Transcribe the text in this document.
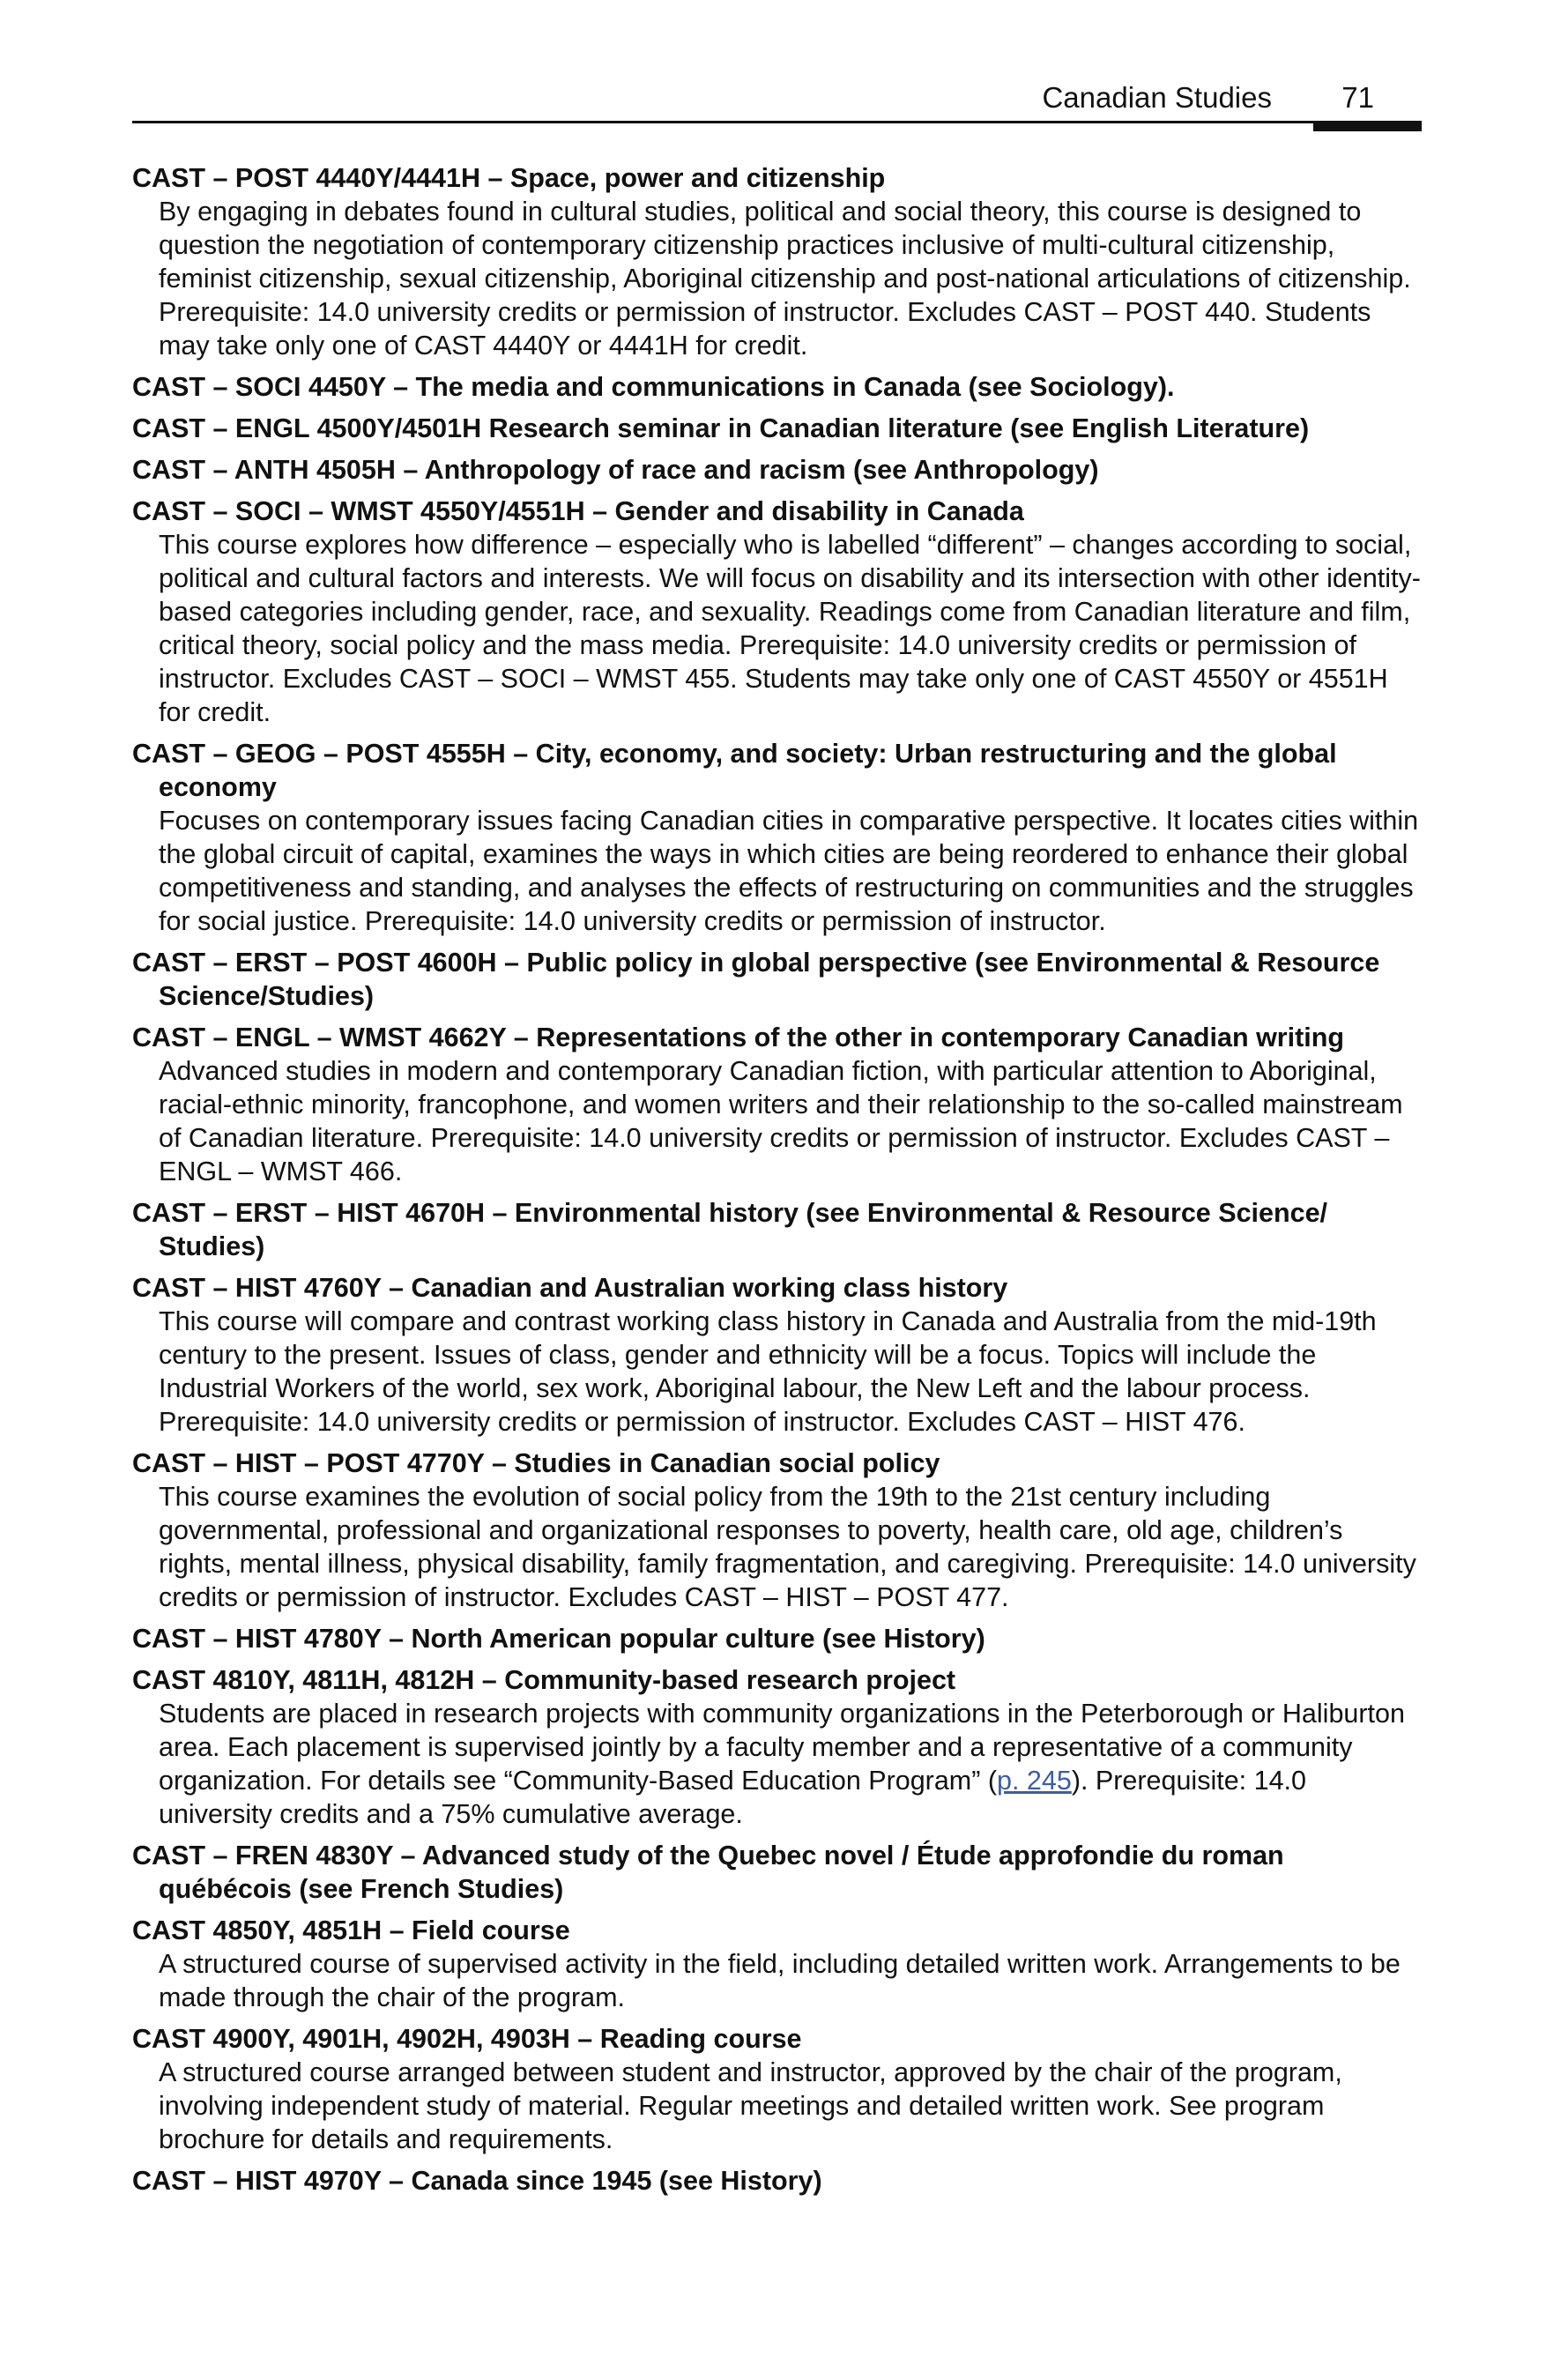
Canadian Studies 71
CAST – POST 4440Y/4441H – Space, power and citizenship
By engaging in debates found in cultural studies, political and social theory, this course is designed to question the negotiation of contemporary citizenship practices inclusive of multi-cultural citizenship, feminist citizenship, sexual citizenship, Aboriginal citizenship and post-national articulations of citizenship. Prerequisite: 14.0 university credits or permission of instructor. Excludes CAST – POST 440. Students may take only one of CAST 4440Y or 4441H for credit.
CAST – SOCI 4450Y – The media and communications in Canada (see Sociology).
CAST – ENGL 4500Y/4501H Research seminar in Canadian literature (see English Literature)
CAST – ANTH 4505H – Anthropology of race and racism (see Anthropology)
CAST – SOCI – WMST 4550Y/4551H – Gender and disability in Canada
This course explores how difference – especially who is labelled “different” – changes according to social, political and cultural factors and interests. We will focus on disability and its intersection with other identity-based categories including gender, race, and sexuality. Readings come from Canadian literature and film, critical theory, social policy and the mass media. Prerequisite: 14.0 university credits or permission of instructor. Excludes CAST – SOCI – WMST 455. Students may take only one of CAST 4550Y or 4551H for credit.
CAST – GEOG – POST 4555H – City, economy, and society: Urban restructuring and the global economy
Focuses on contemporary issues facing Canadian cities in comparative perspective. It locates cities within the global circuit of capital, examines the ways in which cities are being reordered to enhance their global competitiveness and standing, and analyses the effects of restructuring on communities and the struggles for social justice. Prerequisite: 14.0 university credits or permission of instructor.
CAST – ERST – POST 4600H – Public policy in global perspective (see Environmental & Resource Science/Studies)
CAST – ENGL – WMST 4662Y – Representations of the other in contemporary Canadian writing
Advanced studies in modern and contemporary Canadian fiction, with particular attention to Aboriginal, racial-ethnic minority, francophone, and women writers and their relationship to the so-called mainstream of Canadian literature. Prerequisite: 14.0 university credits or permission of instructor. Excludes CAST – ENGL – WMST 466.
CAST – ERST – HIST 4670H – Environmental history (see Environmental & Resource Science/ Studies)
CAST – HIST 4760Y – Canadian and Australian working class history
This course will compare and contrast working class history in Canada and Australia from the mid-19th century to the present. Issues of class, gender and ethnicity will be a focus. Topics will include the Industrial Workers of the world, sex work, Aboriginal labour, the New Left and the labour process. Prerequisite: 14.0 university credits or permission of instructor. Excludes CAST – HIST 476.
CAST – HIST – POST 4770Y – Studies in Canadian social policy
This course examines the evolution of social policy from the 19th to the 21st century including governmental, professional and organizational responses to poverty, health care, old age, children’s rights, mental illness, physical disability, family fragmentation, and caregiving. Prerequisite: 14.0 university credits or permission of instructor. Excludes CAST – HIST – POST 477.
CAST – HIST 4780Y – North American popular culture (see History)
CAST 4810Y, 4811H, 4812H – Community-based research project
Students are placed in research projects with community organizations in the Peterborough or Haliburton area. Each placement is supervised jointly by a faculty member and a representative of a community organization. For details see “Community-Based Education Program” (p. 245). Prerequisite: 14.0 university credits and a 75% cumulative average.
CAST – FREN 4830Y – Advanced study of the Quebec novel / Étude approfondie du roman québécois (see French Studies)
CAST 4850Y, 4851H – Field course
A structured course of supervised activity in the field, including detailed written work. Arrangements to be made through the chair of the program.
CAST 4900Y, 4901H, 4902H, 4903H – Reading course
A structured course arranged between student and instructor, approved by the chair of the program, involving independent study of material. Regular meetings and detailed written work. See program brochure for details and requirements.
CAST – HIST 4970Y – Canada since 1945 (see History)
